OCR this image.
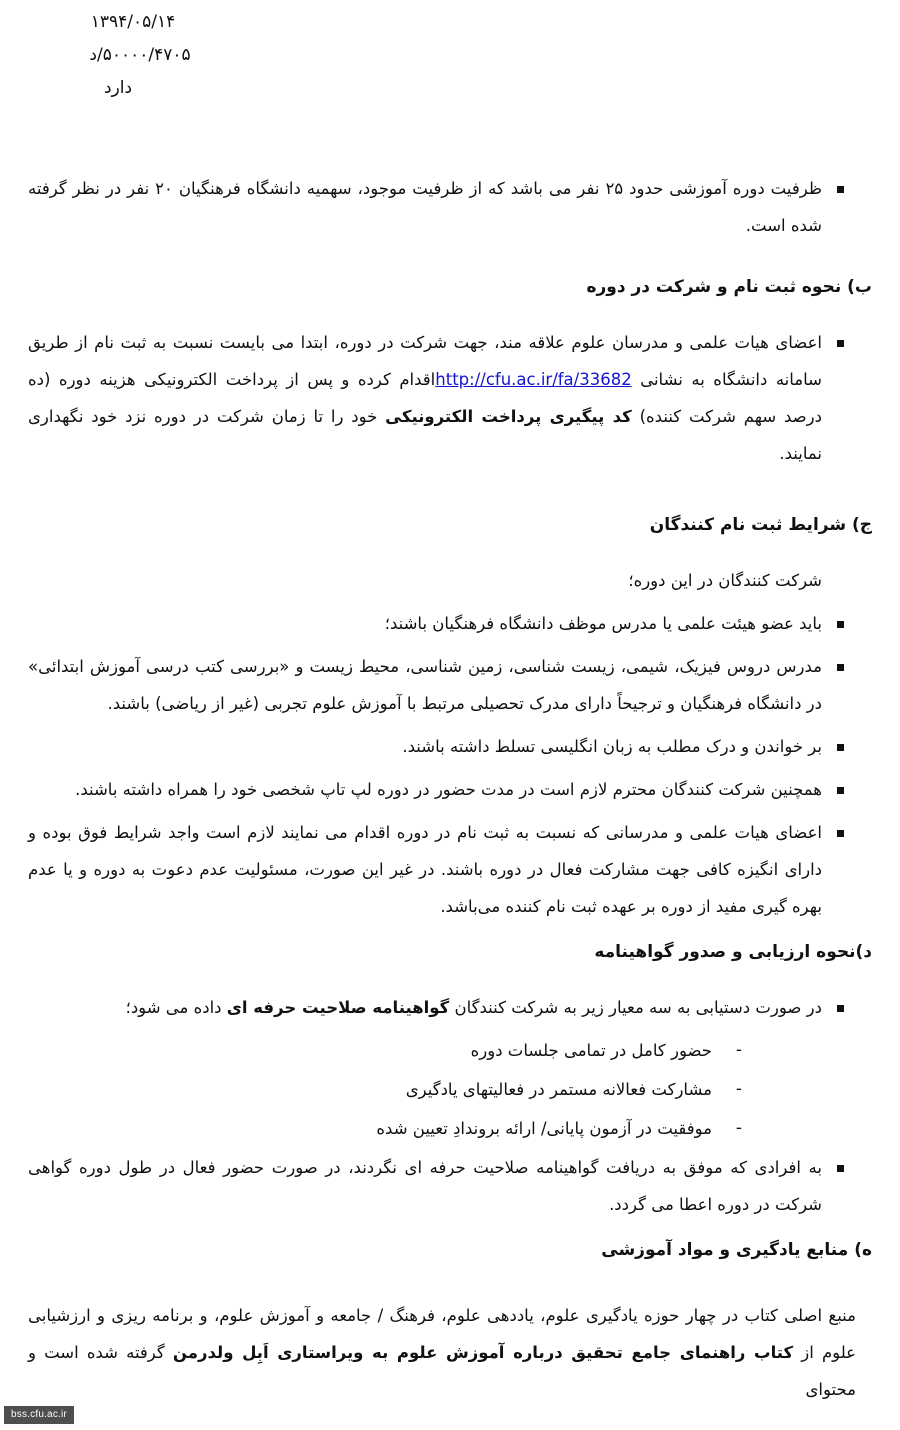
۱۳۹۴/۰۵/۱۴
۵۰۰۰۰/۴۷۰۵/د
دارد
ظرفیت دوره آموزشی حدود ۲۵ نفر می باشد که از ظرفیت موجود، سهمیه دانشگاه فرهنگیان ۲۰ نفر در نظر گرفته شده است.
ب) نحوه ثبت نام و شرکت در دوره
اعضای هیات علمی و مدرسان علوم علاقه مند، جهت شرکت در دوره، ابتدا می بایست نسبت به ثبت نام از طریق سامانه دانشگاه به نشانی http://cfu.ac.ir/fa/33682اقدام کرده و پس از پرداخت الکترونیکی هزینه دوره (ده درصد سهم شرکت کننده) کد پیگیری پرداخت الکترونیکی خود را تا زمان شرکت در دوره نزد خود نگهداری نمایند.
ج) شرایط ثبت نام کنندگان
شرکت کنندگان در این دوره؛
باید عضو هیئت علمی یا مدرس موظف دانشگاه فرهنگیان باشند؛
مدرس دروس فیزیک، شیمی، زیست شناسی، زمین شناسی، محیط زیست و «بررسی کتب درسی آموزش ابتدائی» در دانشگاه فرهنگیان و ترجیحاً دارای مدرک تحصیلی مرتبط با آموزش علوم تجربی (غیر از ریاضی) باشند.
بر خواندن و درک مطلب به زبان انگلیسی تسلط داشته باشند.
همچنین شرکت کنندگان محترم لازم است در مدت حضور در دوره لپ تاپ شخصی خود را همراه داشته باشند.
اعضای هیات علمی و مدرسانی که نسبت به ثبت نام در دوره اقدام می نمایند لازم است واجد شرایط فوق بوده و دارای انگیزه کافی جهت مشارکت فعال در دوره باشند. در غیر این صورت، مسئولیت عدم دعوت به دوره و یا عدم بهره گیری مفید از دوره بر عهده ثبت نام کننده می‌باشد.
د)نحوه ارزیابی و صدور گواهینامه
در صورت دستیابی به سه معیار زیر به شرکت کنندگان گواهینامه صلاحیت حرفه ای داده می شود؛
- حضور کامل در تمامی جلسات دوره
- مشارکت فعالانه مستمر در فعالیتهای یادگیری
- موفقیت در آزمون پایانی/ ارائه بروندادِ تعیین شده
به افرادی که موفق به دریافت گواهینامه صلاحیت حرفه ای نگردند، در صورت حضور فعال در طول دوره گواهی شرکت در دوره اعطا می گردد.
ه) منابع یادگیری و مواد آموزشی
منبع اصلی کتاب در چهار حوزه یادگیری علوم، یاددهی علوم، فرهنگ / جامعه و آموزش علوم، و برنامه ریزی و ارزشیابی علوم از کتاب راهنمای جامع تحقیق درباره آموزش علوم به ویراستاری اَبِل ولدرمن گرفته شده است و محتوای
bss.cfu.ac.ir
